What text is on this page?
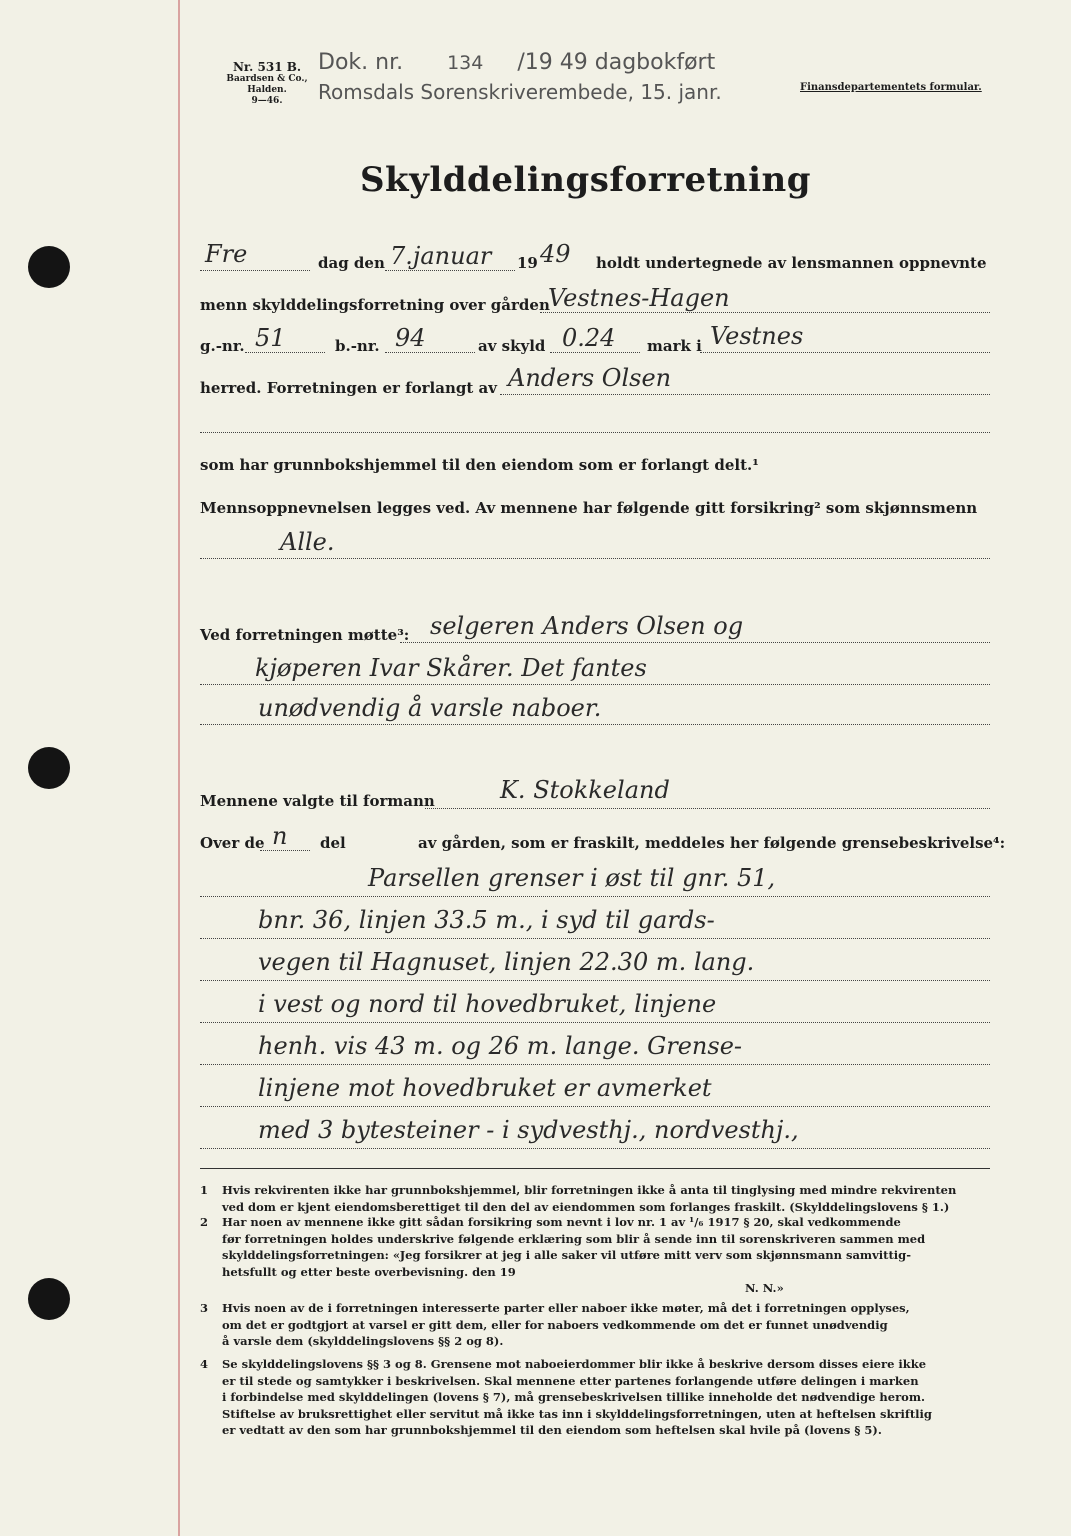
Nr. 531 B.
Baardsen & Co., Halden.
9—46.
Dok. nr. 134 /19 49 dagbokført
Romsdals Sorenskriverembede, 15. janr.	Finansdepartementets formular.
Skylddelingsforretning
Fre	dag den 7.januar 19 49 holdt undertegnede av lensmannen oppnevnte
menn skylddelingsforretning over gården
Vestnes-Hagen
g.-nr. 51	b.-nr. 94	av skyld 0.24 mark i Vestnes
herred. Forretningen er forlangt av Anders Olsen
som har grunnbokshjemmel til den eiendom som er forlangt delt.¹
Mennsoppnevnelsen legges ved. Av mennene har følgende gitt forsikring² som skjønnsmenn
Alle.
Ved forretningen møtte³: selgeren Anders Olsen og
kjøperen Ivar Skårer. Det fantes
unødvendig å varsle naboer.
Mennene valgte til formann	K. Stokkeland
Over de n del	av gården, som er fraskilt, meddeles her følgende grensebeskrivelse⁴:
Parsellen grenser i øst til gnr. 51,
bnr. 36, linjen 33.5 m., i syd til gards-
vegen til Hagnuset, linjen 22.30 m. lang.
i vest og nord til hovedbruket, linjene
henh. vis 43 m. og 26 m. lange. Grense-
linjene mot hovedbruket er avmerket
med 3 bytesteiner - i sydvesthj., nordvesthj.,
1 Hvis rekvirenten ikke har grunnbokshjemmel, blir forretningen ikke å anta til tinglysing med mindre rekvirenten
ved dom er kjent eiendomsberettiget til den del av eiendommen som forlanges fraskilt. (Skylddelingslovens § 1.)
2 Har noen av mennene ikke gitt sådan forsikring som nevnt i lov nr. 1 av ¹/₆ 1917 § 20, skal vedkommende
før forretningen holdes underskrive følgende erklæring som blir å sende inn til sorenskriveren sammen med
skylddelingsforretningen: «Jeg forsikrer at jeg i alle saker vil utføre mitt verv som skjønnsmann samvittig-
hetsfullt og etter beste overbevisning. den 19
N. N.»
3 Hvis noen av de i forretningen interesserte parter eller naboer ikke møter, må det i forretningen opplyses,
om det er godtgjort at varsel er gitt dem, eller for naboers vedkommende om det er funnet unødvendig
å varsle dem (skylddelingslovens §§ 2 og 8).
4 Se skylddelingslovens §§ 3 og 8. Grensene mot naboeierdommer blir ikke å beskrive dersom disses eiere ikke
er til stede og samtykker i beskrivelsen. Skal mennene etter partenes forlangende utføre delingen i marken
i forbindelse med skylddelingen (lovens § 7), må grensebeskrivelsen tillike inneholde det nødvendige herom.
Stiftelse av bruksrettighet eller servitut må ikke tas inn i skylddelingsforretningen, uten at heftelsen skriftlig
er vedtatt av den som har grunnbokshjemmel til den eiendom som heftelsen skal hvile på (lovens § 5).
